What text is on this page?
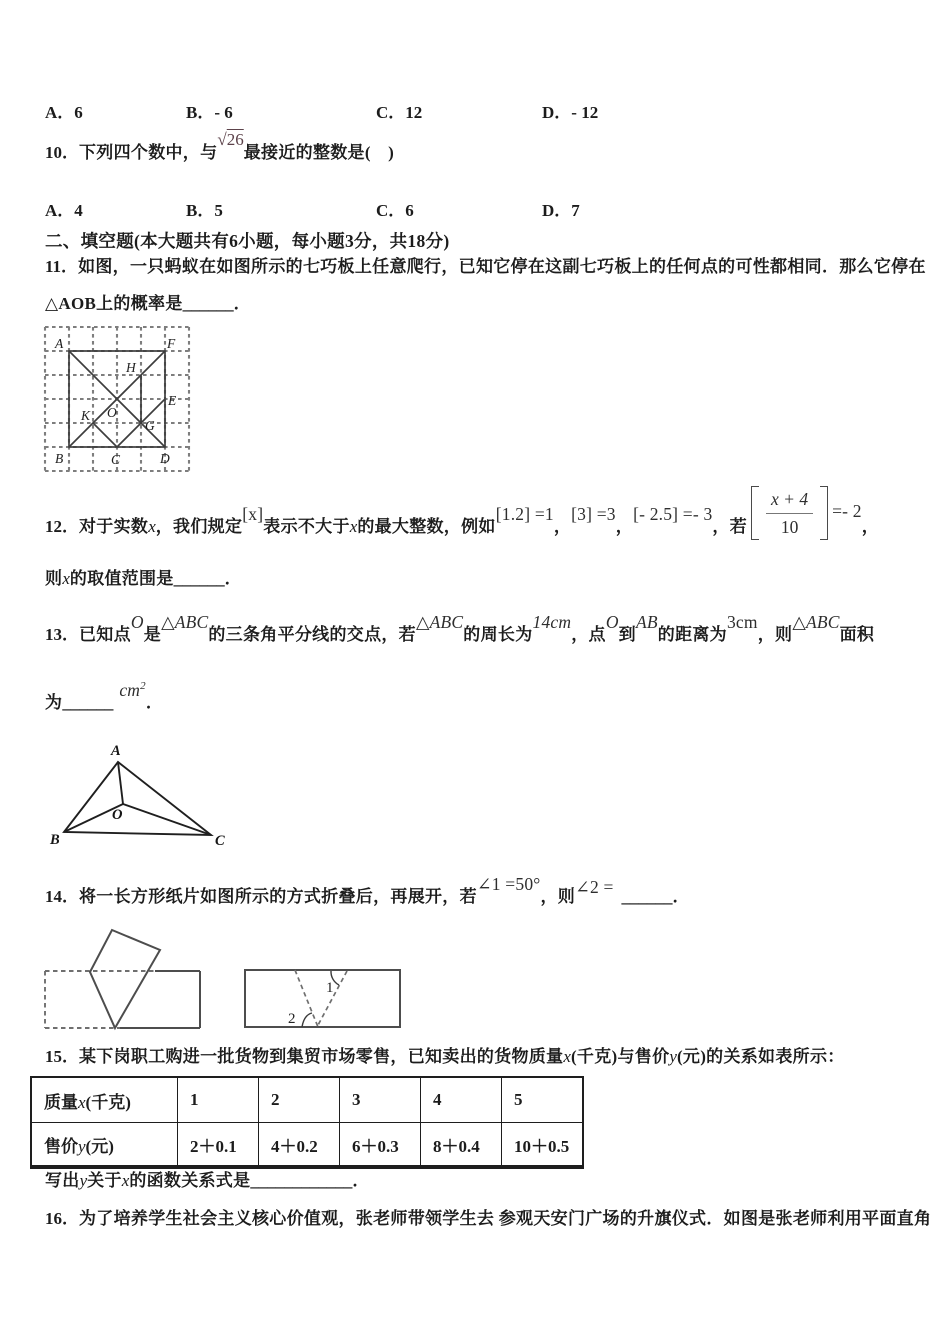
A．6	B．- 6	C．12	D．- 12
10． 下列四个数中，与
√26
最接近的整数是(　)
A．4	B．5	C．6	D．7
二、填空题(本大题共有6小题，每小题3分，共18分)
11． 如图，一只蚂蚁在如图所示的七巧板上任意爬行，已知它停在这副七巧板上的任何点的可性都相同．那么它停在
△AOB 上的概率是 ______ ．
A	F
H
K O
E
G
B	C	D
12． 对于实数 x ，我们规定
[x]
表示不大于 x 的最大整数，例如
[1.2] =1
，
[3] =3
，
[- 2.5] =- 3
，若 $\frac{x + 4}{10} =- 2$
，
则 x 的取值范围是 ______ ．
13． 已知点
O
是
△ABC
的三条角平分线的交点，若
△ABC
的周长为
14cm
，点
O
到
AB
的距离为
3cm
，则
△ABC
面积
为 ______
$cm^2$
．
A
B	C
O
14． 将一长方形纸片如图所示的方式折叠后，再展开，若
∠1 =50°
，则 ∠2 = ______ ．
1
2
15． 某下岗职工购进一批货物到集贸市场零售，已知卖出的货物质量 x (千克)与售价 y (元)的关系如表所示：
质量x(千克)	1	2	3	4	5
售价y(元)	2＋0.1	4＋0.2	6＋0.3	8＋0.4	10＋0.5
写出 y 关于 x 的函数关系式是 ____________ ．
16． 为了培养学生社会主义核心价值观，张老师带领学生去 参观天安门广场的升旗仪式．如图是张老师利用平面直角
